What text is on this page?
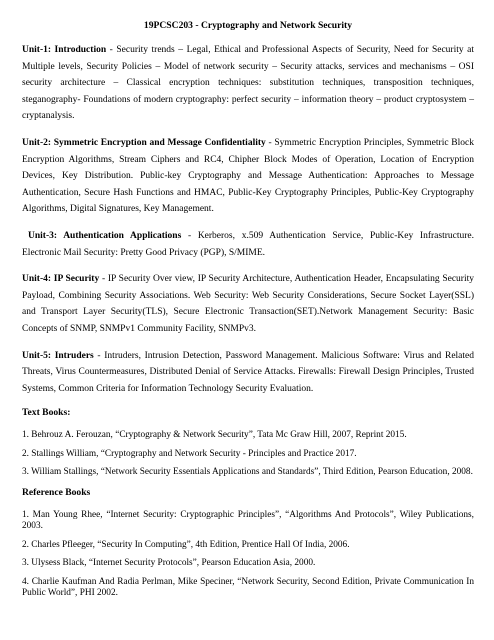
19PCSC203 - Cryptography and Network Security

Unit-1: Introduction - Security trends – Legal, Ethical and Professional Aspects of Security, Need for Security at Multiple levels, Security Policies – Model of network security – Security attacks, services and mechanisms – OSI security architecture – Classical encryption techniques: substitution techniques, transposition techniques, steganography- Foundations of modern cryptography: perfect security – information theory – product cryptosystem – cryptanalysis.

Unit-2: Symmetric Encryption and Message Confidentiality - Symmetric Encryption Principles, Symmetric Block Encryption Algorithms, Stream Ciphers and RC4, Chipher Block Modes of Operation, Location of Encryption Devices, Key Distribution. Public-key Cryptography and Message Authentication: Approaches to Message Authentication, Secure Hash Functions and HMAC, Public-Key Cryptography Principles, Public-Key Cryptography Algorithms, Digital Signatures, Key Management.

Unit-3: Authentication Applications - Kerberos, x.509 Authentication Service, Public-Key Infrastructure. Electronic Mail Security: Pretty Good Privacy (PGP), S/MIME.

Unit-4: IP Security - IP Security Over view, IP Security Architecture, Authentication Header, Encapsulating Security Payload, Combining Security Associations. Web Security: Web Security Considerations, Secure Socket Layer(SSL) and Transport Layer Security(TLS), Secure Electronic Transaction(SET).Network Management Security: Basic Concepts of SNMP, SNMPv1 Community Facility, SNMPv3.

Unit-5: Intruders - Intruders, Intrusion Detection, Password Management. Malicious Software: Virus and Related Threats, Virus Countermeasures, Distributed Denial of Service Attacks. Firewalls: Firewall Design Principles, Trusted Systems, Common Criteria for Information Technology Security Evaluation.

Text Books:
1. Behrouz A. Ferouzan, “Cryptography & Network Security”, Tata Mc Graw Hill, 2007, Reprint 2015.
2. Stallings William, “Cryptography and Network Security - Principles and Practice 2017.
3. William Stallings, “Network Security Essentials Applications and Standards”, Third Edition, Pearson Education, 2008.
Reference Books
1. Man Young Rhee, “Internet Security: Cryptographic Principles”, “Algorithms And Protocols”, Wiley Publications, 2003.
2. Charles Pfleeger, “Security In Computing”, 4th Edition, Prentice Hall Of India, 2006.
3. Ulysess Black, “Internet Security Protocols”, Pearson Education Asia, 2000.
4. Charlie Kaufman And Radia Perlman, Mike Speciner, “Network Security, Second Edition, Private Communication In Public World”, PHI 2002.
